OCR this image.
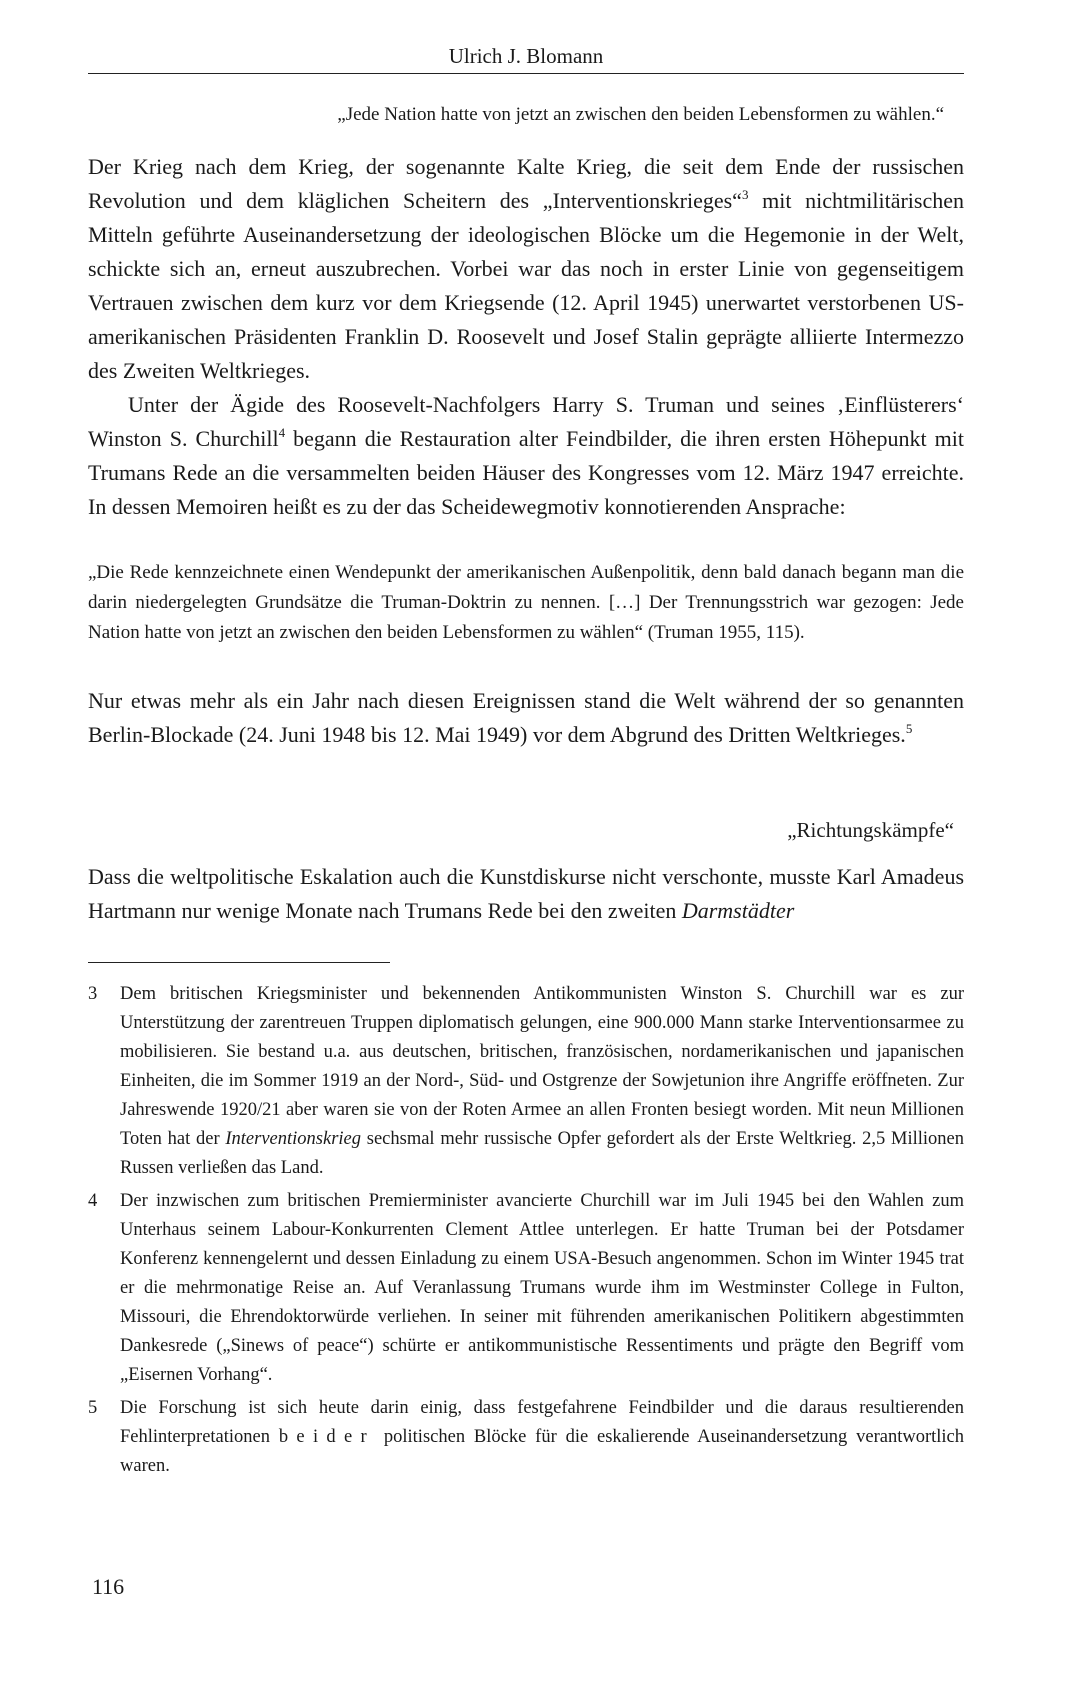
Ulrich J. Blomann
„Jede Nation hatte von jetzt an zwischen den beiden Lebensformen zu wählen.“

Der Krieg nach dem Krieg, der sogenannte Kalte Krieg, die seit dem Ende der russischen Revolution und dem kläglichen Scheitern des „Interventionskrieges“$^3$ mit nichtmilitärischen Mitteln geführte Auseinandersetzung der ideologischen Blöcke um die Hegemonie in der Welt, schickte sich an, erneut auszubrechen. Vorbei war das noch in erster Linie von gegenseitigem Vertrauen zwischen dem kurz vor dem Kriegsende (12. April 1945) unerwartet verstorbenen US-amerikanischen Präsidenten Franklin D. Roosevelt und Josef Stalin geprägte alliierte Intermezzo des Zweiten Weltkrieges.

Unter der Ägide des Roosevelt-Nachfolgers Harry S. Truman und seines ‚Einflüsterers‘ Winston S. Churchill$^4$ begann die Restauration alter Feindbilder, die ihren ersten Höhepunkt mit Trumans Rede an die versammelten beiden Häuser des Kongresses vom 12. März 1947 erreichte. In dessen Memoiren heißt es zu der das Scheidewegmotiv konnotierenden Ansprache:

„Die Rede kennzeichnete einen Wendepunkt der amerikanischen Außenpolitik, denn bald danach begann man die darin niedergelegten Grundsätze die Truman-Doktrin zu nennen. […] Der Trennungsstrich war gezogen: Jede Nation hatte von jetzt an zwischen den beiden Lebensformen zu wählen“ (Truman 1955, 115).

Nur etwas mehr als ein Jahr nach diesen Ereignissen stand die Welt während der so genannten Berlin-Blockade (24. Juni 1948 bis 12. Mai 1949) vor dem Abgrund des Dritten Weltkrieges.$^5$

„Richtungskämpfe“

Dass die weltpolitische Eskalation auch die Kunstdiskurse nicht verschonte, musste Karl Amadeus Hartmann nur wenige Monate nach Trumans Rede bei den zweiten Darmstädter

3	Dem britischen Kriegsminister und bekennenden Antikommunisten Winston S. Churchill war es zur Unterstützung der zarentreuen Truppen diplomatisch gelungen, eine 900.000 Mann starke Interventionsarmee zu mobilisieren. Sie bestand u.a. aus deutschen, britischen, französischen, nordamerikanischen und japanischen Einheiten, die im Sommer 1919 an der Nord-, Süd- und Ostgrenze der Sowjetunion ihre Angriffe eröffneten. Zur Jahreswende 1920/21 aber waren sie von der Roten Armee an allen Fronten besiegt worden. Mit neun Millionen Toten hat der Interventionskrieg sechsmal mehr russische Opfer gefordert als der Erste Weltkrieg. 2,5 Millionen Russen verließen das Land.
4	Der inzwischen zum britischen Premierminister avancierte Churchill war im Juli 1945 bei den Wahlen zum Unterhaus seinem Labour-Konkurrenten Clement Attlee unterlegen. Er hatte Truman bei der Potsdamer Konferenz kennengelernt und dessen Einladung zu einem USA-Besuch angenommen. Schon im Winter 1945 trat er die mehrmonatige Reise an. Auf Veranlassung Trumans wurde ihm im Westminster College in Fulton, Missouri, die Ehrendoktorwürde verliehen. In seiner mit führenden amerikanischen Politikern abgestimmten Dankesrede („Sinews of peace“) schürte er antikommunistische Ressentiments und prägte den Begriff vom „Eisernen Vorhang“.
5	Die Forschung ist sich heute darin einig, dass festgefahrene Feindbilder und die daraus resultierenden Fehlinterpretationen beider politischen Blöcke für die eskalierende Auseinandersetzung verantwortlich waren.
116
